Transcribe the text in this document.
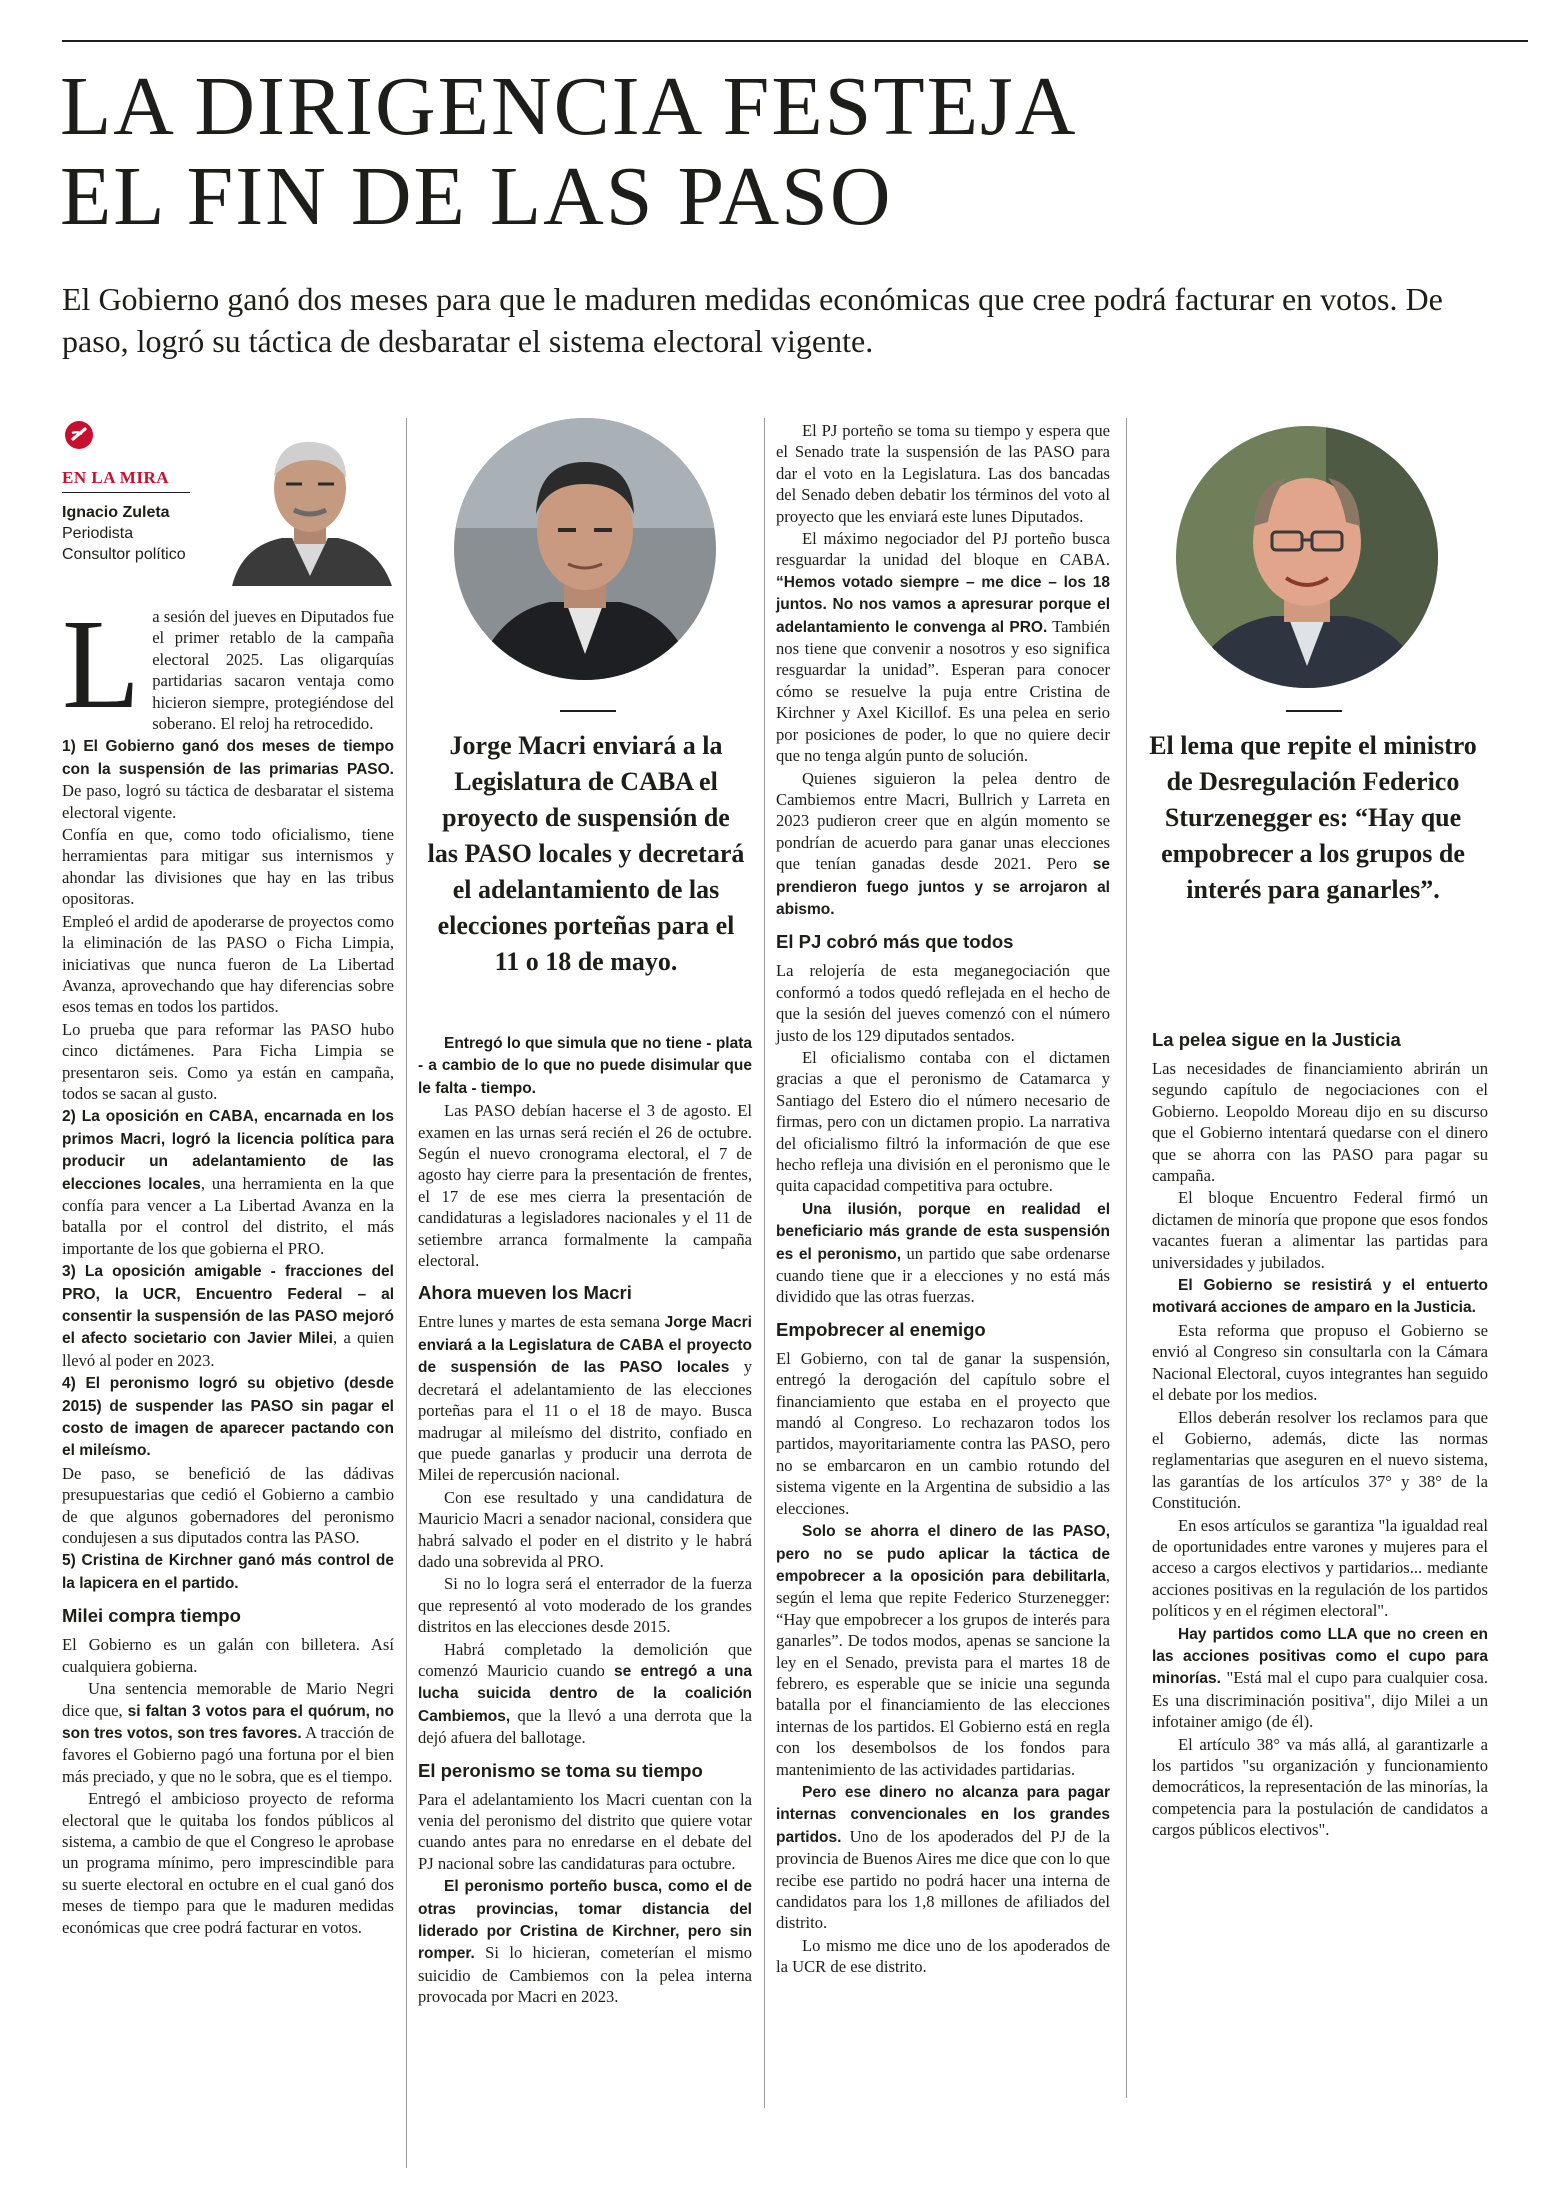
LA DIRIGENCIA FESTEJA
EL FIN DE LAS PASO

El Gobierno ganó dos meses para que le maduren medidas económicas que cree podrá facturar en votos. De paso, logró su táctica de desbaratar el sistema electoral vigente.

EN LA MIRA
Ignacio Zuleta
Periodista
Consultor político

L a sesión del jueves en Diputados fue el primer retablo de la campaña electoral 2025. Las oligarquías partidarias sacaron ventaja como hicieron siempre, protegiéndose del soberano. El reloj ha retrocedido.

1) El Gobierno ganó dos meses de tiempo con la suspensión de las primarias PASO. De paso, logró su táctica de desbaratar el sistema electoral vigente.

Confía en que, como todo oficialismo, tiene herramientas para mitigar sus internismos y ahondar las divisiones que hay en las tribus opositoras.

Empleó el ardid de apoderarse de proyectos como la eliminación de las PASO o Ficha Limpia, iniciativas que nunca fueron de La Libertad Avanza, aprovechando que hay diferencias sobre esos temas en todos los partidos.

Lo prueba que para reformar las PASO hubo cinco dictámenes. Para Ficha Limpia se presentaron seis. Como ya están en campaña, todos se sacan al gusto.

2) La oposición en CABA, encarnada en los primos Macri, logró la licencia política para producir un adelantamiento de las elecciones locales, una herramienta en la que confía para vencer a La Libertad Avanza en la batalla por el control del distrito, el más importante de los que gobierna el PRO.

3) La oposición amigable - fracciones del PRO, la UCR, Encuentro Federal – al consentir la suspensión de las PASO mejoró el afecto societario con Javier Milei, a quien llevó al poder en 2023.

4) El peronismo logró su objetivo (desde 2015) de suspender las PASO sin pagar el costo de imagen de aparecer pactando con el mileísmo.

De paso, se benefició de las dádivas presupuestarias que cedió el Gobierno a cambio de que algunos gobernadores del peronismo condujesen a sus diputados contra las PASO.

5) Cristina de Kirchner ganó más control de la lapicera en el partido.

Milei compra tiempo

El Gobierno es un galán con billetera. Así cualquiera gobierna.

Una sentencia memorable de Mario Negri dice que, si faltan 3 votos para el quórum, no son tres votos, son tres favores. A tracción de favores el Gobierno pagó una fortuna por el bien más preciado, y que no le sobra, que es el tiempo.

Entregó el ambicioso proyecto de reforma electoral que le quitaba los fondos públicos al sistema, a cambio de que el Congreso le aprobase un programa mínimo, pero imprescindible para su suerte electoral en octubre en el cual ganó dos meses de tiempo para que le maduren medidas económicas que cree podrá facturar en votos.

Jorge Macri enviará a la Legislatura de CABA el proyecto de suspensión de las PASO locales y decretará el adelantamiento de las elecciones porteñas para el 11 o 18 de mayo.

Entregó lo que simula que no tiene - plata - a cambio de lo que no puede disimular que le falta - tiempo.

Las PASO debían hacerse el 3 de agosto. El examen en las urnas será recién el 26 de octubre. Según el nuevo cronograma electoral, el 7 de agosto hay cierre para la presentación de frentes, el 17 de ese mes cierra la presentación de candidaturas a legisladores nacionales y el 11 de setiembre arranca formalmente la campaña electoral.

Ahora mueven los Macri

Entre lunes y martes de esta semana Jorge Macri enviará a la Legislatura de CABA el proyecto de suspensión de las PASO locales y decretará el adelantamiento de las elecciones porteñas para el 11 o el 18 de mayo. Busca madrugar al mileísmo del distrito, confiado en que puede ganarlas y producir una derrota de Milei de repercusión nacional.

Con ese resultado y una candidatura de Mauricio Macri a senador nacional, considera que habrá salvado el poder en el distrito y le habrá dado una sobrevida al PRO.

Si no lo logra será el enterrador de la fuerza que representó al voto moderado de los grandes distritos en las elecciones desde 2015.

Habrá completado la demolición que comenzó Mauricio cuando se entregó a una lucha suicida dentro de la coalición Cambiemos, que la llevó a una derrota que la dejó afuera del ballotage.

El peronismo se toma su tiempo

Para el adelantamiento los Macri cuentan con la venia del peronismo del distrito que quiere votar cuando antes para no enredarse en el debate del PJ nacional sobre las candidaturas para octubre.

El peronismo porteño busca, como el de otras provincias, tomar distancia del liderado por Cristina de Kirchner, pero sin romper. Si lo hicieran, cometerían el mismo suicidio de Cambiemos con la pelea interna provocada por Macri en 2023.

El PJ porteño se toma su tiempo y espera que el Senado trate la suspensión de las PASO para dar el voto en la Legislatura. Las dos bancadas del Senado deben debatir los términos del voto al proyecto que les enviará este lunes Diputados.

El máximo negociador del PJ porteño busca resguardar la unidad del bloque en CABA. “Hemos votado siempre – me dice – los 18 juntos. No nos vamos a apresurar porque el adelantamiento le convenga al PRO. También nos tiene que convenir a nosotros y eso significa resguardar la unidad”. Esperan para conocer cómo se resuelve la puja entre Cristina de Kirchner y Axel Kicillof. Es una pelea en serio por posiciones de poder, lo que no quiere decir que no tenga algún punto de solución.

Quienes siguieron la pelea dentro de Cambiemos entre Macri, Bullrich y Larreta en 2023 pudieron creer que en algún momento se pondrían de acuerdo para ganar unas elecciones que tenían ganadas desde 2021. Pero se prendieron fuego juntos y se arrojaron al abismo.

El PJ cobró más que todos

La relojería de esta meganegociación que conformó a todos quedó reflejada en el hecho de que la sesión del jueves comenzó con el número justo de los 129 diputados sentados.

El oficialismo contaba con el dictamen gracias a que el peronismo de Catamarca y Santiago del Estero dio el número necesario de firmas, pero con un dictamen propio. La narrativa del oficialismo filtró la información de que ese hecho refleja una división en el peronismo que le quita capacidad competitiva para octubre.

Una ilusión, porque en realidad el beneficiario más grande de esta suspensión es el peronismo, un partido que sabe ordenarse cuando tiene que ir a elecciones y no está más dividido que las otras fuerzas.

Empobrecer al enemigo

El Gobierno, con tal de ganar la suspensión, entregó la derogación del capítulo sobre el financiamiento que estaba en el proyecto que mandó al Congreso. Lo rechazaron todos los partidos, mayoritariamente contra las PASO, pero no se embarcaron en un cambio rotundo del sistema vigente en la Argentina de subsidio a las elecciones.

Solo se ahorra el dinero de las PASO, pero no se pudo aplicar la táctica de empobrecer a la oposición para debilitarla, según el lema que repite Federico Sturzenegger: “Hay que empobrecer a los grupos de interés para ganarles”. De todos modos, apenas se sancione la ley en el Senado, prevista para el martes 18 de febrero, es esperable que se inicie una segunda batalla por el financiamiento de las elecciones internas de los partidos. El Gobierno está en regla con los desembolsos de los fondos para mantenimiento de las actividades partidarias.

Pero ese dinero no alcanza para pagar internas convencionales en los grandes partidos. Uno de los apoderados del PJ de la provincia de Buenos Aires me dice que con lo que recibe ese partido no podrá hacer una interna de candidatos para los 1,8 millones de afiliados del distrito.

Lo mismo me dice uno de los apoderados de la UCR de ese distrito.

El lema que repite el ministro de Desregulación Federico Sturzenegger es: “Hay que empobrecer a los grupos de interés para ganarles”.
La pelea sigue en la Justicia

Las necesidades de financiamiento abrirán un segundo capítulo de negociaciones con el Gobierno. Leopoldo Moreau dijo en su discurso que el Gobierno intentará quedarse con el dinero que se ahorra con las PASO para pagar su campaña.

El bloque Encuentro Federal firmó un dictamen de minoría que propone que esos fondos vacantes fueran a alimentar las partidas para universidades y jubilados.

El Gobierno se resistirá y el entuerto motivará acciones de amparo en la Justicia.

Esta reforma que propuso el Gobierno se envió al Congreso sin consultarla con la Cámara Nacional Electoral, cuyos integrantes han seguido el debate por los medios.

Ellos deberán resolver los reclamos para que el Gobierno, además, dicte las normas reglamentarias que aseguren en el nuevo sistema, las garantías de los artículos 37° y 38° de la Constitución.

En esos artículos se garantiza "la igualdad real de oportunidades entre varones y mujeres para el acceso a cargos electivos y partidarios... mediante acciones positivas en la regulación de los partidos políticos y en el régimen electoral".

Hay partidos como LLA que no creen en las acciones positivas como el cupo para minorías. "Está mal el cupo para cualquier cosa. Es una discriminación positiva", dijo Milei a un infotainer amigo (de él).

El artículo 38° va más allá, al garantizarle a los partidos "su organización y funcionamiento democráticos, la representación de las minorías, la competencia para la postulación de candidatos a cargos públicos electivos".
